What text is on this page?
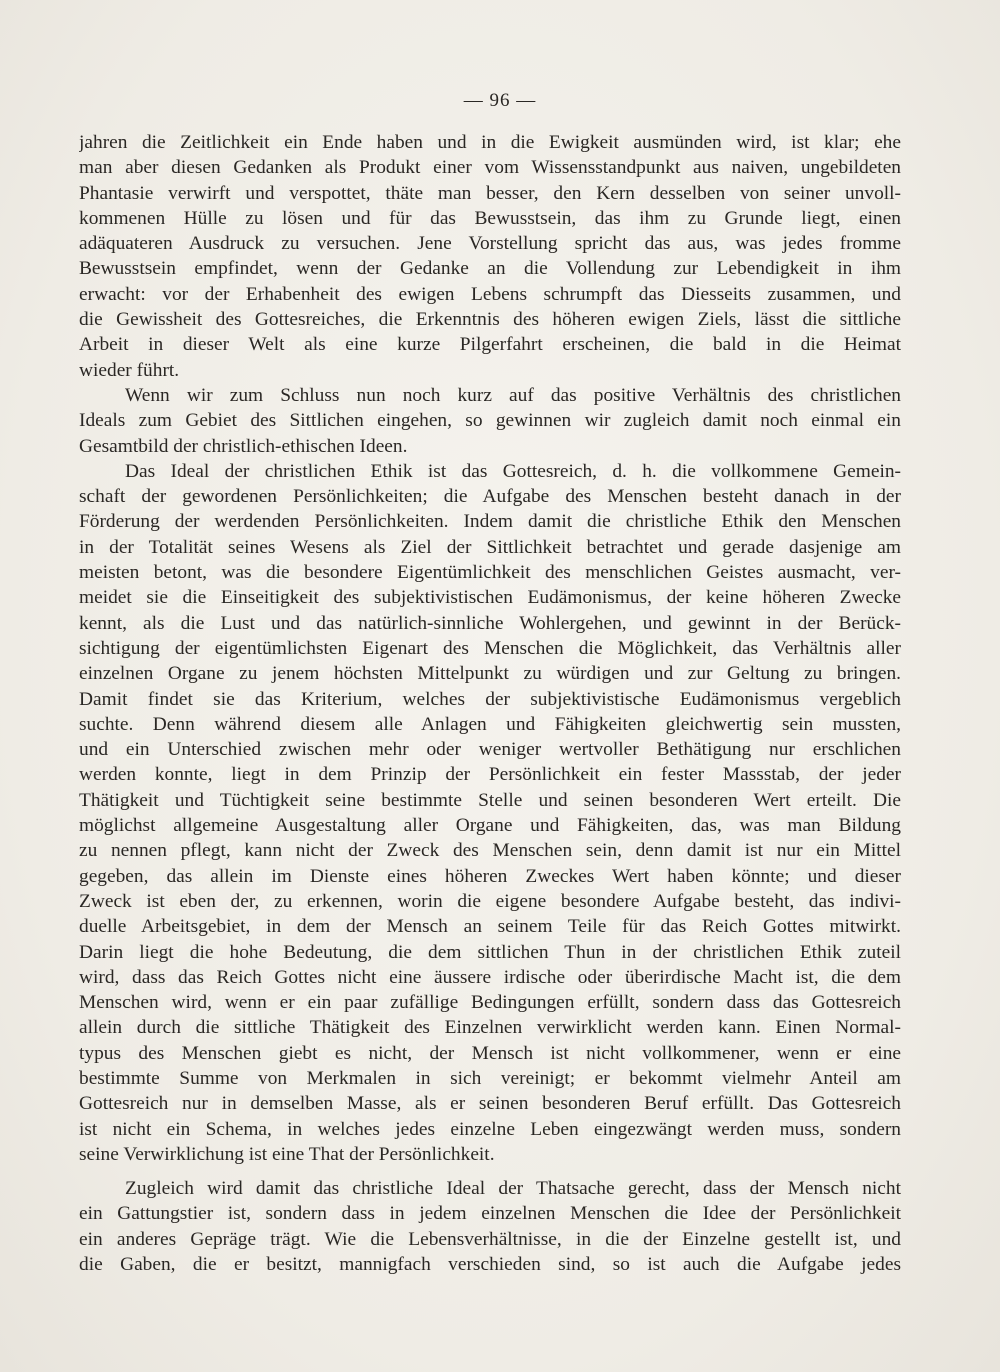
— 96 —
jahren die Zeitlichkeit ein Ende haben und in die Ewigkeit ausmünden wird, ist klar; ehe
man aber diesen Gedanken als Produkt einer vom Wissensstandpunkt aus naiven, ungebildeten
Phantasie verwirft und verspottet, thäte man besser, den Kern desselben von seiner unvoll-
kommenen Hülle zu lösen und für das Bewusstsein, das ihm zu Grunde liegt, einen
adäquateren Ausdruck zu versuchen. Jene Vorstellung spricht das aus, was jedes fromme
Bewusstsein empfindet, wenn der Gedanke an die Vollendung zur Lebendigkeit in ihm
erwacht: vor der Erhabenheit des ewigen Lebens schrumpft das Diesseits zusammen, und
die Gewissheit des Gottesreiches, die Erkenntnis des höheren ewigen Ziels, lässt die sittliche
Arbeit in dieser Welt als eine kurze Pilgerfahrt erscheinen, die bald in die Heimat
wieder führt.
Wenn wir zum Schluss nun noch kurz auf das positive Verhältnis des christlichen
Ideals zum Gebiet des Sittlichen eingehen, so gewinnen wir zugleich damit noch einmal ein
Gesamtbild der christlich-ethischen Ideen.
Das Ideal der christlichen Ethik ist das Gottesreich, d. h. die vollkommene Gemein-
schaft der gewordenen Persönlichkeiten; die Aufgabe des Menschen besteht danach in der
Förderung der werdenden Persönlichkeiten. Indem damit die christliche Ethik den Menschen
in der Totalität seines Wesens als Ziel der Sittlichkeit betrachtet und gerade dasjenige am
meisten betont, was die besondere Eigentümlichkeit des menschlichen Geistes ausmacht, ver-
meidet sie die Einseitigkeit des subjektivistischen Eudämonismus, der keine höheren Zwecke
kennt, als die Lust und das natürlich-sinnliche Wohlergehen, und gewinnt in der Berück-
sichtigung der eigentümlichsten Eigenart des Menschen die Möglichkeit, das Verhältnis aller
einzelnen Organe zu jenem höchsten Mittelpunkt zu würdigen und zur Geltung zu bringen.
Damit findet sie das Kriterium, welches der subjektivistische Eudämonismus vergeblich
suchte. Denn während diesem alle Anlagen und Fähigkeiten gleichwertig sein mussten,
und ein Unterschied zwischen mehr oder weniger wertvoller Bethätigung nur erschlichen
werden konnte, liegt in dem Prinzip der Persönlichkeit ein fester Massstab, der jeder
Thätigkeit und Tüchtigkeit seine bestimmte Stelle und seinen besonderen Wert erteilt. Die
möglichst allgemeine Ausgestaltung aller Organe und Fähigkeiten, das, was man Bildung
zu nennen pflegt, kann nicht der Zweck des Menschen sein, denn damit ist nur ein Mittel
gegeben, das allein im Dienste eines höheren Zweckes Wert haben könnte; und dieser
Zweck ist eben der, zu erkennen, worin die eigene besondere Aufgabe besteht, das indivi-
duelle Arbeitsgebiet, in dem der Mensch an seinem Teile für das Reich Gottes mitwirkt.
Darin liegt die hohe Bedeutung, die dem sittlichen Thun in der christlichen Ethik zuteil
wird, dass das Reich Gottes nicht eine äussere irdische oder überirdische Macht ist, die dem
Menschen wird, wenn er ein paar zufällige Bedingungen erfüllt, sondern dass das Gottesreich
allein durch die sittliche Thätigkeit des Einzelnen verwirklicht werden kann. Einen Normal-
typus des Menschen giebt es nicht, der Mensch ist nicht vollkommener, wenn er eine
bestimmte Summe von Merkmalen in sich vereinigt; er bekommt vielmehr Anteil am
Gottesreich nur in demselben Masse, als er seinen besonderen Beruf erfüllt. Das Gottesreich
ist nicht ein Schema, in welches jedes einzelne Leben eingezwängt werden muss, sondern
seine Verwirklichung ist eine That der Persönlichkeit.
Zugleich wird damit das christliche Ideal der Thatsache gerecht, dass der Mensch nicht
ein Gattungstier ist, sondern dass in jedem einzelnen Menschen die Idee der Persönlichkeit
ein anderes Gepräge trägt. Wie die Lebensverhältnisse, in die der Einzelne gestellt ist, und
die Gaben, die er besitzt, mannigfach verschieden sind, so ist auch die Aufgabe jedes
